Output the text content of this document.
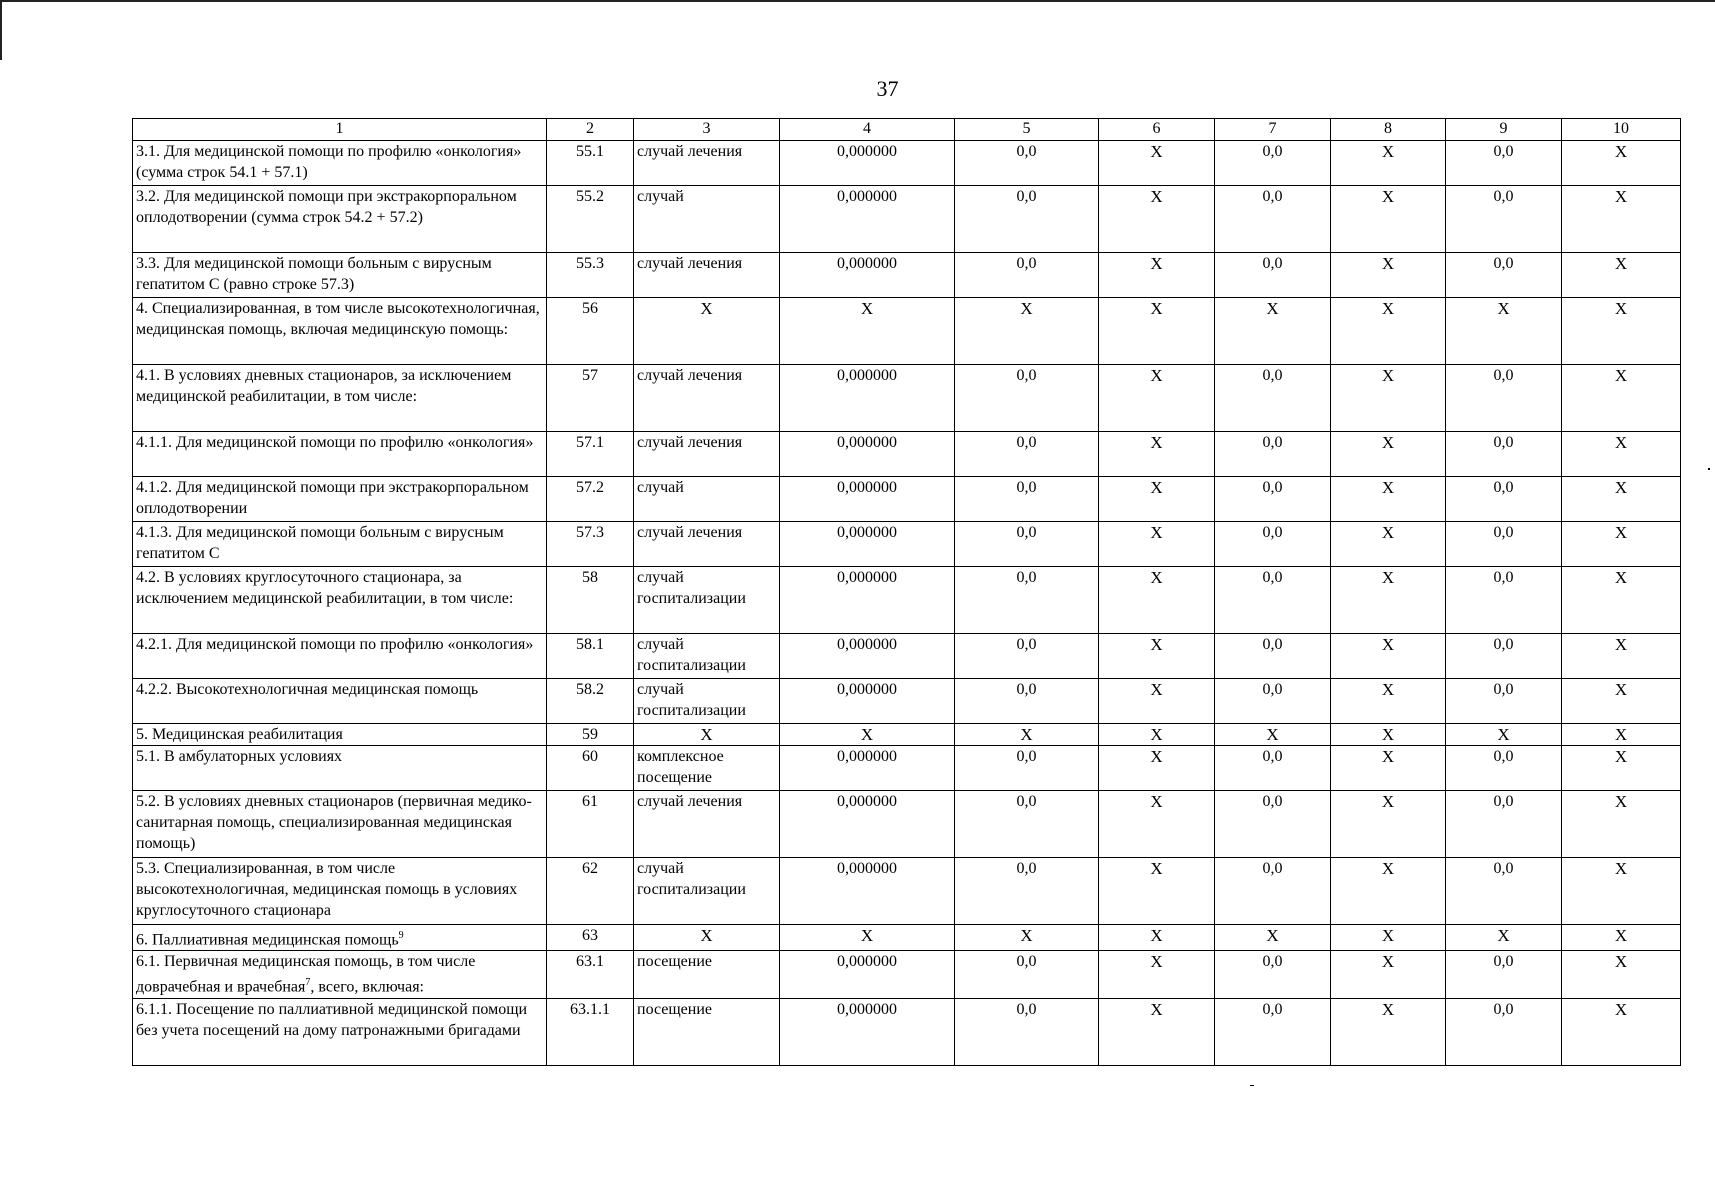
37
1	2	3	4	5	6	7	8	9	10
3.1. Для медицинской помощи по профилю «онкология» (сумма строк 54.1 + 57.1)	55.1	случай лечения	0,000000	0,0	X	0,0	X	0,0	X
3.2. Для медицинской помощи при экстракорпоральном оплодотворении (сумма строк 54.2 + 57.2)	55.2	случай	0,000000	0,0	X	0,0	X	0,0	X
3.3. Для медицинской помощи больным с вирусным гепатитом С (равно строке 57.3)	55.3	случай лечения	0,000000	0,0	X	0,0	X	0,0	X
4. Специализированная, в том числе высокотехнологичная, медицинская помощь, включая медицинскую помощь:	56	X	X	X	X	X	X	X	X
4.1. В условиях дневных стационаров, за исключением медицинской реабилитации, в том числе:	57	случай лечения	0,000000	0,0	X	0,0	X	0,0	X
4.1.1. Для медицинской помощи по профилю «онкология»	57.1	случай лечения	0,000000	0,0	X	0,0	X	0,0	X
4.1.2. Для медицинской помощи при экстракорпоральном оплодотворении	57.2	случай	0,000000	0,0	X	0,0	X	0,0	X
4.1.3. Для медицинской помощи больным с вирусным гепатитом С	57.3	случай лечения	0,000000	0,0	X	0,0	X	0,0	X
4.2. В условиях круглосуточного стационара, за исключением медицинской реабилитации, в том числе:	58	случай госпитализации	0,000000	0,0	X	0,0	X	0,0	X
4.2.1. Для медицинской помощи по профилю «онкология»	58.1	случай госпитализации	0,000000	0,0	X	0,0	X	0,0	X
4.2.2. Высокотехнологичная медицинская помощь	58.2	случай госпитализации	0,000000	0,0	X	0,0	X	0,0	X
5. Медицинская реабилитация	59	X	X	X	X	X	X	X	X
5.1. В амбулаторных условиях	60	комплексное посещение	0,000000	0,0	X	0,0	X	0,0	X
5.2. В условиях дневных стационаров (первичная медико-санитарная помощь, специализированная медицинская помощь)	61	случай лечения	0,000000	0,0	X	0,0	X	0,0	X
5.3. Специализированная, в том числе высокотехнологичная, медицинская помощь в условиях круглосуточного стационара	62	случай госпитализации	0,000000	0,0	X	0,0	X	0,0	X
6. Паллиативная медицинская помощь$^9$	63	X	X	X	X	X	X	X	X
6.1. Первичная медицинская помощь, в том числе доврачебная и врачебная$^7$, всего, включая:	63.1	посещение	0,000000	0,0	X	0,0	X	0,0	X
6.1.1. Посещение по паллиативной медицинской помощи без учета посещений на дому патронажными бригадами	63.1.1	посещение	0,000000	0,0	X	0,0	X	0,0	X
